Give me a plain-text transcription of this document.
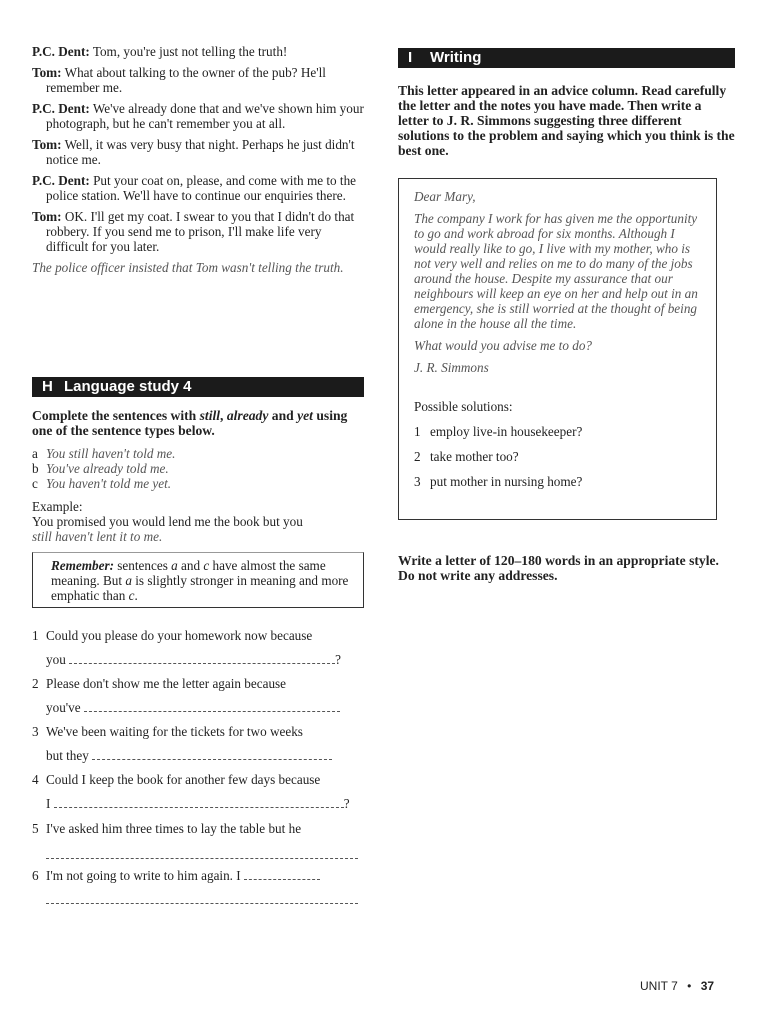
P.C. Dent: Tom, you're just not telling the truth!
Tom: What about talking to the owner of the pub? He'll remember me.
P.C. Dent: We've already done that and we've shown him your photograph, but he can't remember you at all.
Tom: Well, it was very busy that night. Perhaps he just didn't notice me.
P.C. Dent: Put your coat on, please, and come with me to the police station. We'll have to continue our enquiries there.
Tom: OK. I'll get my coat. I swear to you that I didn't do that robbery. If you send me to prison, I'll make life very difficult for you later.
The police officer insisted that Tom wasn't telling the truth.
H Language study 4
Complete the sentences with still, already and yet using one of the sentence types below.
a You still haven't told me.
b You've already told me.
c You haven't told me yet.
Example:
You promised you would lend me the book but you
still haven't lent it to me.
Remember: sentences a and c have almost the same meaning. But a is slightly stronger in meaning and more emphatic than c.
1 Could you please do your homework now because
you	?
2 Please don't show me the letter again because
you've
3 We've been waiting for the tickets for two weeks
but they
4 Could I keep the book for another few days because
I	?
5 I've asked him three times to lay the table but he
6 I'm not going to write to him again. I
I Writing
This letter appeared in an advice column. Read carefully the letter and the notes you have made. Then write a letter to J. R. Simmons suggesting three different solutions to the problem and saying which you think is the best one.

Dear Mary,

The company I work for has given me the opportunity to go and work abroad for six months. Although I would really like to go, I live with my mother, who is not very well and relies on me to do many of the jobs around the house. Despite my assurance that our neighbours will keep an eye on her and help out in an emergency, she is still worried at the thought of being alone in the house all the time.

What would you advise me to do?

J. R. Simmons

Possible solutions:

1 employ live-in housekeeper?
2 take mother too?
3 put mother in nursing home?
Write a letter of 120–180 words in an appropriate style. Do not write any addresses.
UNIT 7 • 37
